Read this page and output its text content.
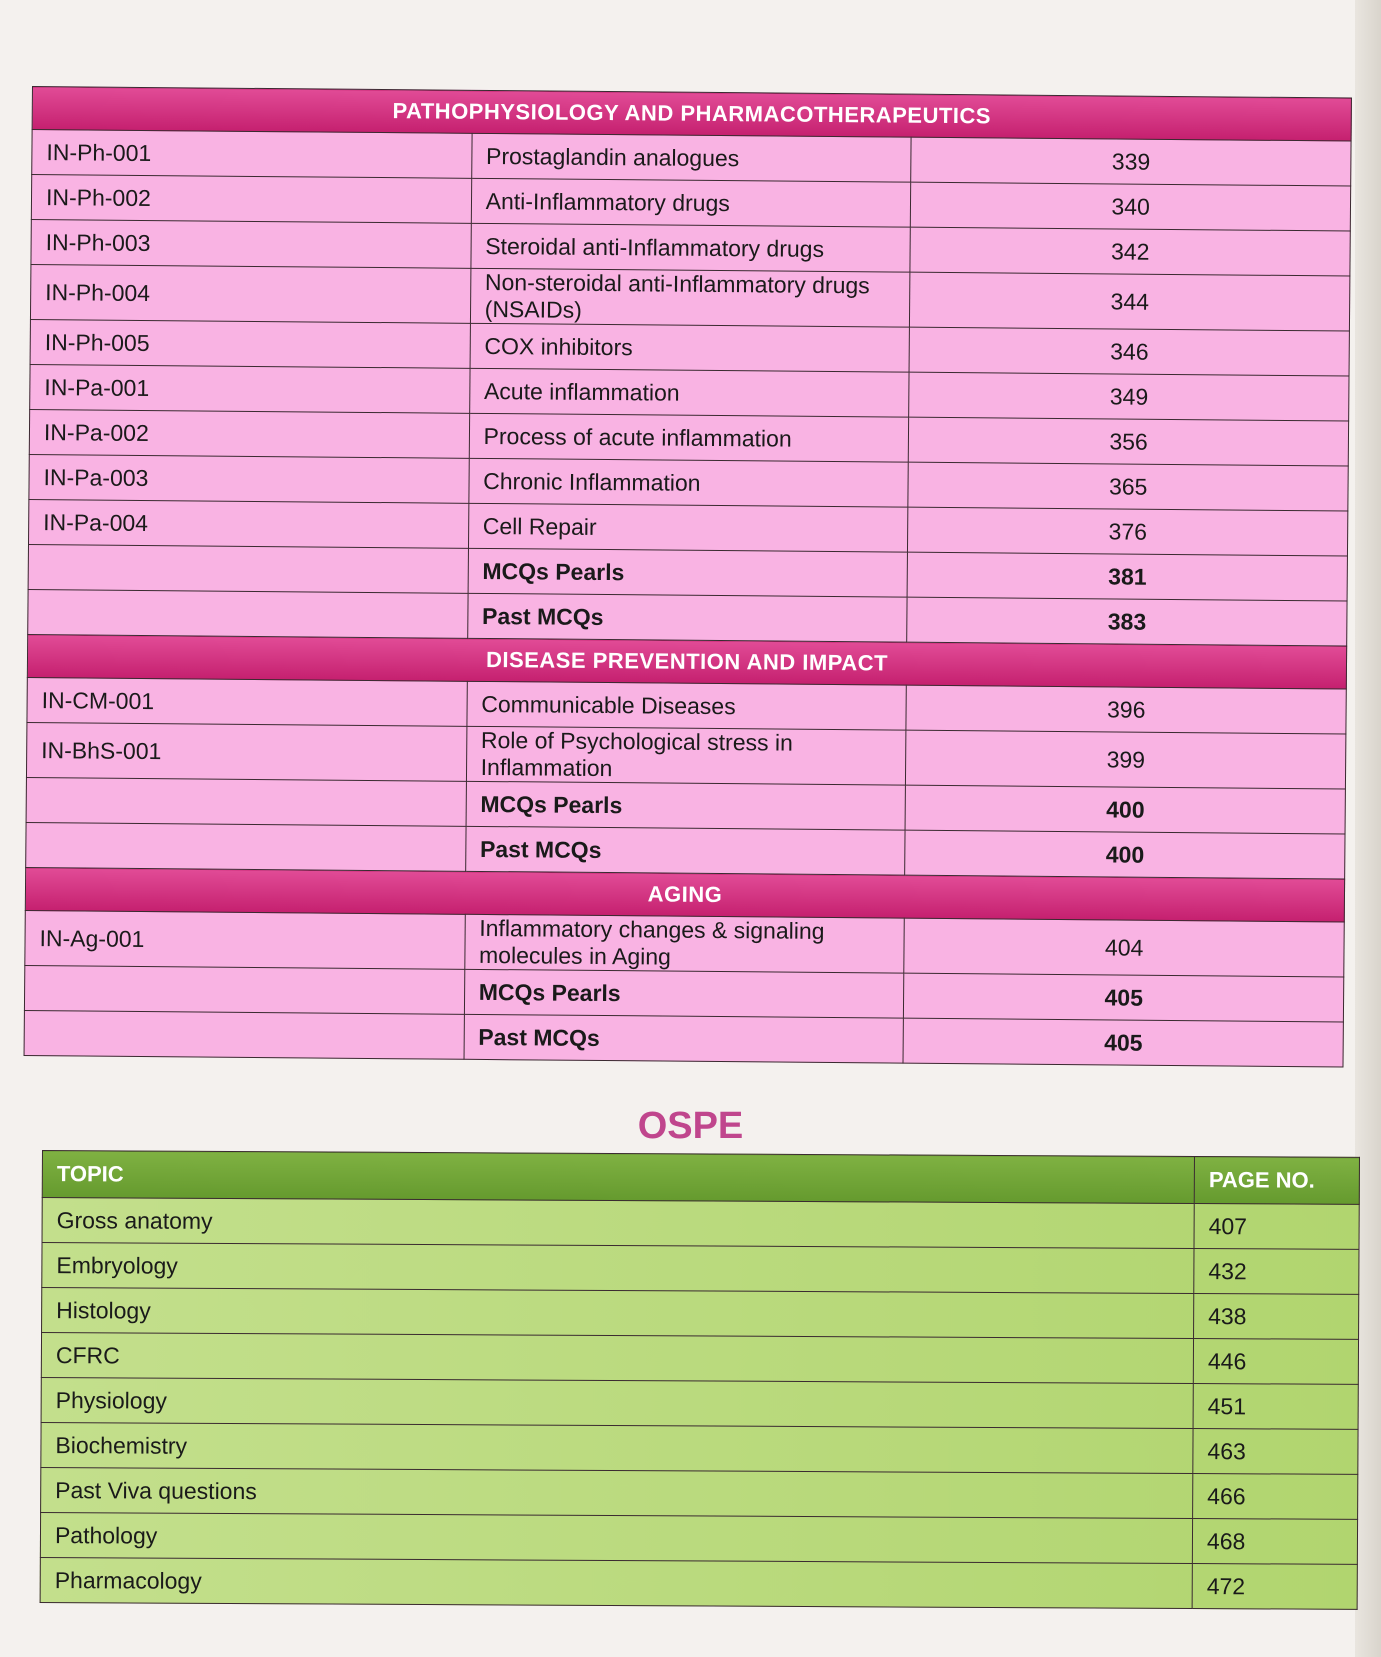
PATHOPHYSIOLOGY AND PHARMACOTHERAPEUTICS		
IN-Ph-001	Prostaglandin analogues	339
IN-Ph-002	Anti-Inflammatory drugs	340
IN-Ph-003	Steroidal anti-Inflammatory drugs	342
IN-Ph-004	Non-steroidal anti-Inflammatory drugs (NSAIDs)	344
IN-Ph-005	COX inhibitors	346
IN-Pa-001	Acute inflammation	349
IN-Pa-002	Process of acute inflammation	356
IN-Pa-003	Chronic Inflammation	365
IN-Pa-004	Cell Repair	376
	MCQs Pearls	381
	Past MCQs	383
DISEASE PREVENTION AND IMPACT		
IN-CM-001	Communicable Diseases	396
IN-BhS-001	Role of Psychological stress in Inflammation	399
	MCQs Pearls	400
	Past MCQs	400
AGING		
IN-Ag-001	Inflammatory changes & signaling molecules in Aging	404
	MCQs Pearls	405
	Past MCQs	405
OSPE
TOPIC	PAGE NO.
Gross anatomy	407
Embryology	432
Histology	438
CFRC	446
Physiology	451
Biochemistry	463
Past Viva questions	466
Pathology	468
Pharmacology	472
